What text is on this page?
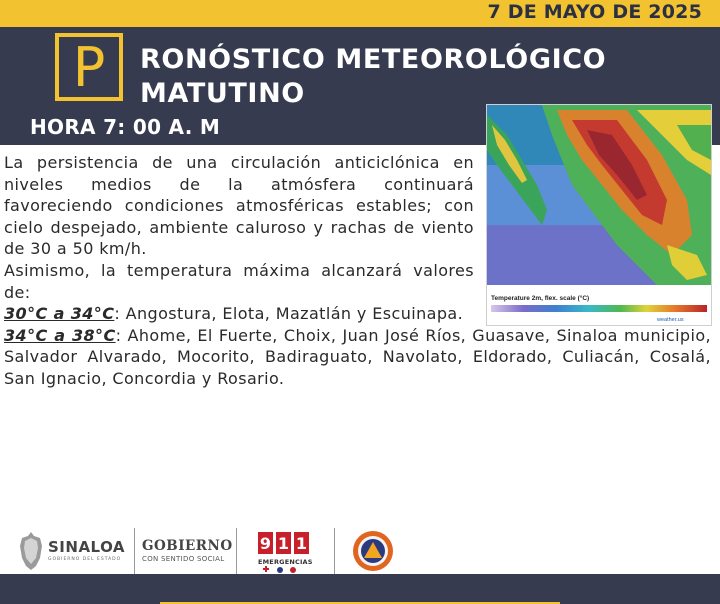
7 DE MAYO DE 2025
P	RONÓSTICO METEOROLÓGICO MATUTINO
HORA 7: 00 A. M
Temperature 2m, flex. scale (°C)
weather.us

La persistencia de una circulación anticiclónica en niveles medios de la atmósfera continuará favoreciendo condiciones atmosféricas estables; con cielo despejado, ambiente caluroso y rachas de viento de 30 a 50 km/h.

Asimismo, la temperatura máxima alcanzará valores de:

30°C a 34°C: Angostura, Elota, Mazatlán y Escuinapa.

34°C a 38°C: Ahome, El Fuerte, Choix, Juan José Ríos, Guasave, Sinaloa municipio, Salvador Alvarado, Mocorito, Badiraguato, Navolato, Eldorado, Culiacán, Cosalá, San Ignacio, Concordia y Rosario.

SINALOA
GOBIERNO DEL ESTADO
GOBIERNO
CON SENTIDO SOCIAL
9 1 1
EMERGENCIAS
